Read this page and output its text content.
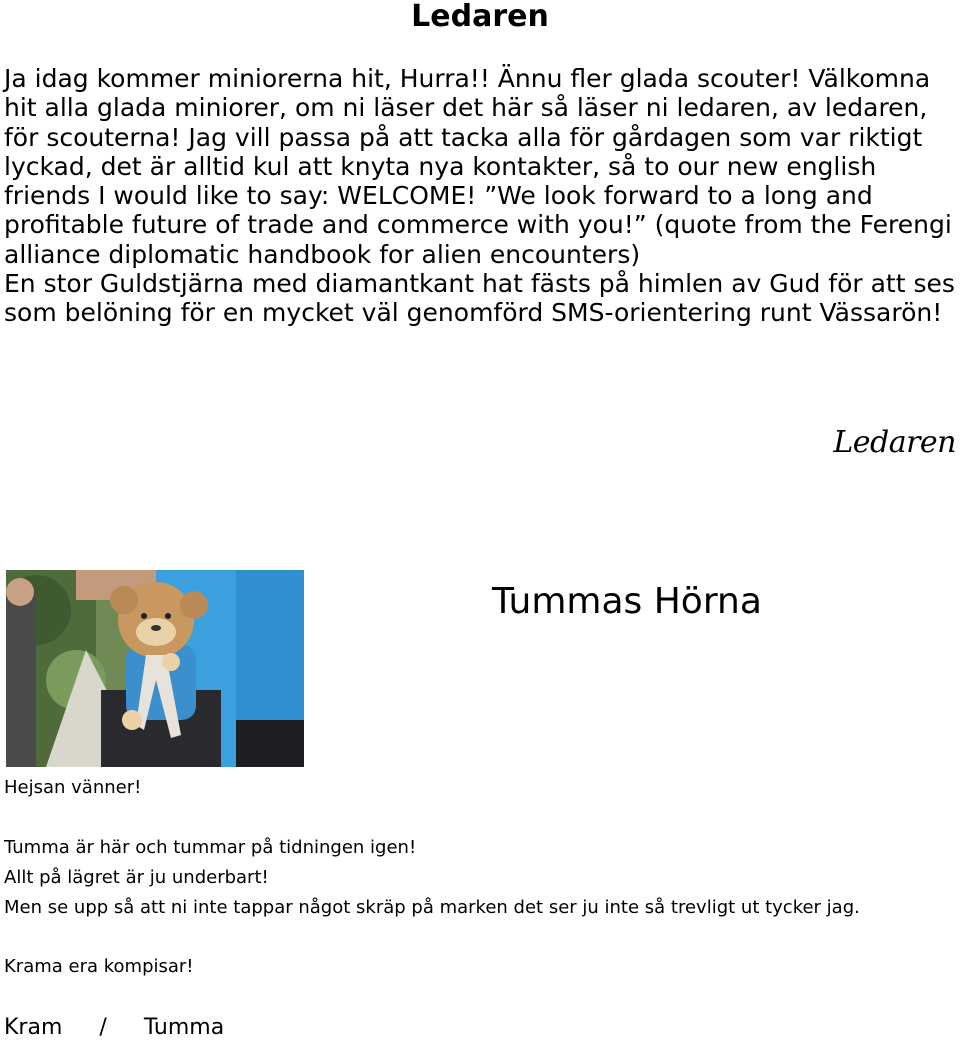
Ledaren

Ja idag kommer miniorerna hit, Hurra!! Ännu fler glada scouter! Välkomna hit alla glada miniorer, om ni läser det här så läser ni ledaren, av ledaren, för scouterna! Jag vill passa på att tacka alla för gårdagen som var riktigt lyckad, det är alltid kul att knyta nya kontakter, så to our new english friends I would like to say: WELCOME! ”We look forward to a long and profitable future of trade and commerce with you!” (quote from the Ferengi alliance diplomatic handbook for alien encounters)

En stor Guldstjärna med diamantkant hat fästs på himlen av Gud för att ses som belöning för en mycket väl genomförd SMS-orientering runt Vässarön!

Ledaren
Tummas Hörna
Hejsan vänner!
Tumma är här och tummar på tidningen igen!
Allt på lägret är ju underbart!
Men se upp så att ni inte tappar något skräp på marken det ser ju inte så trevligt ut tycker jag.
Krama era kompisar!
Kram / Tumma
